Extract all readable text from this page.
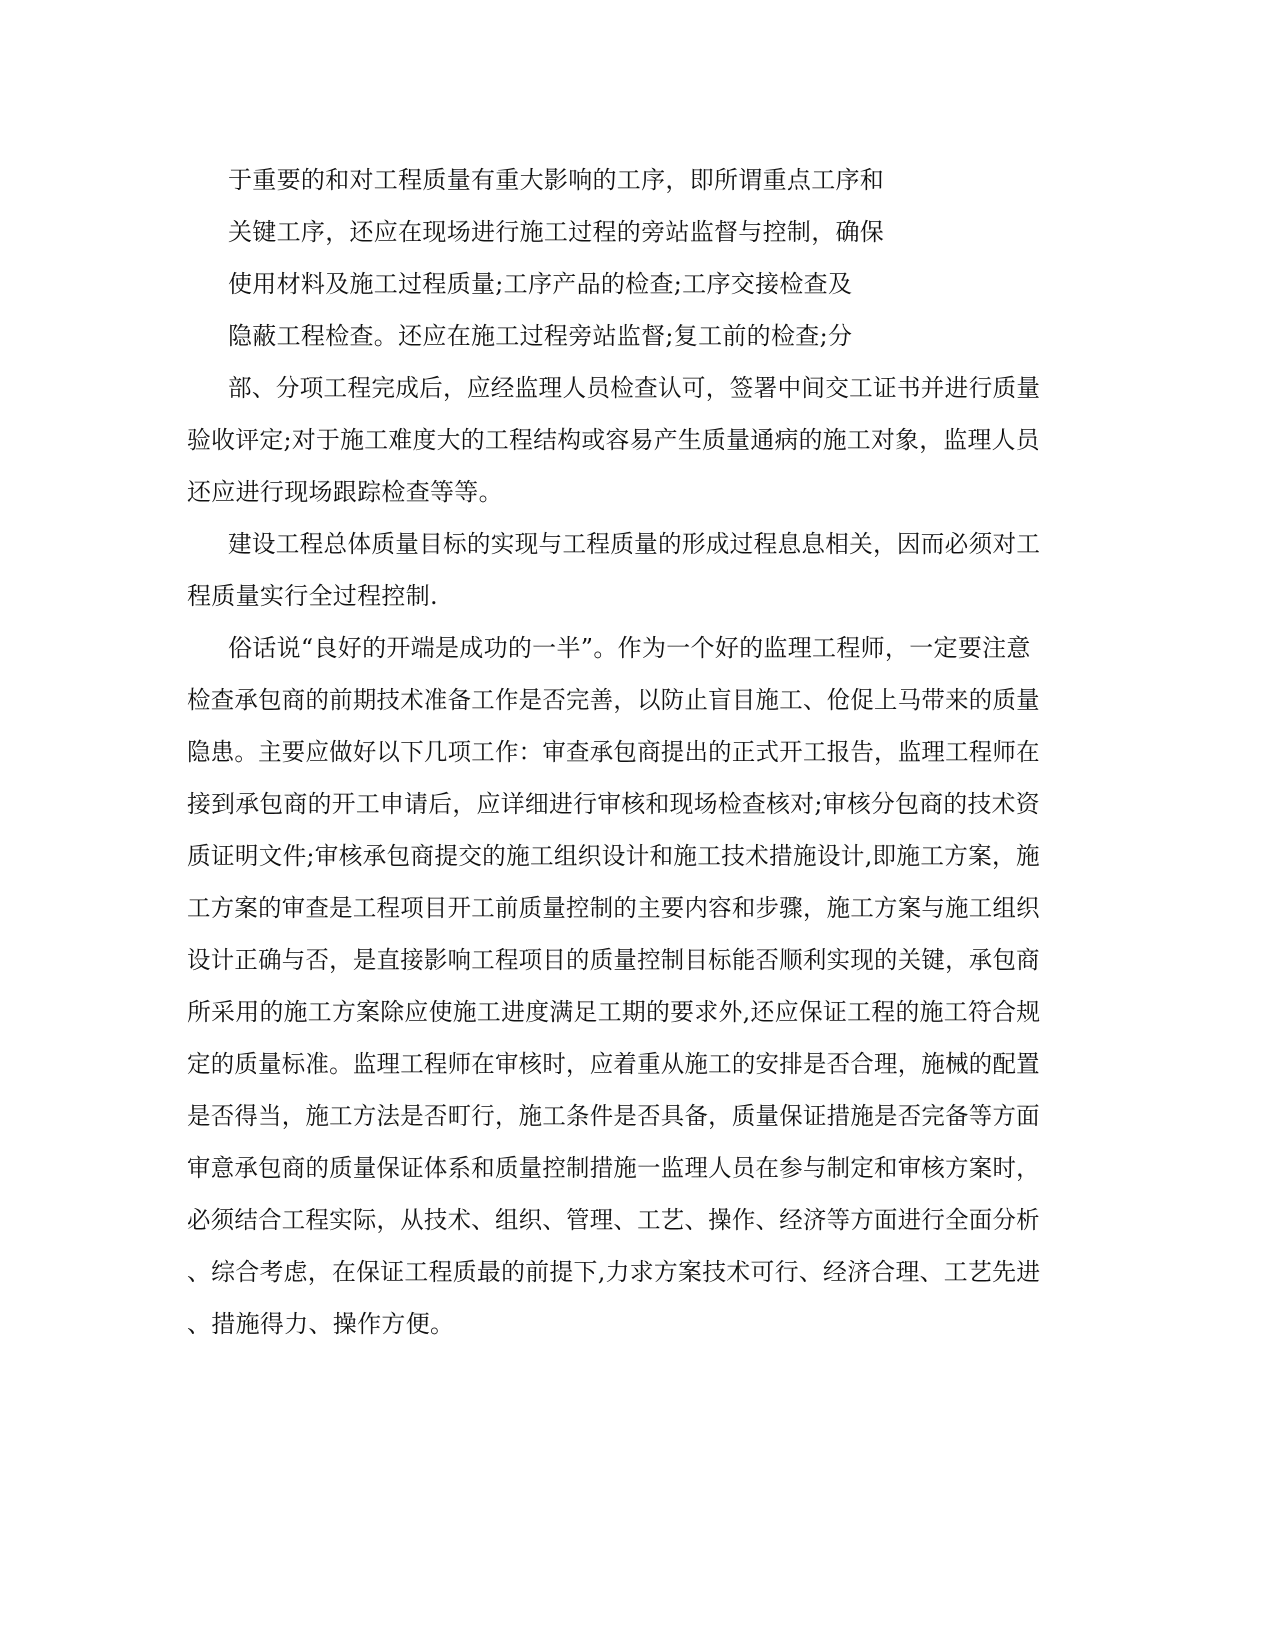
于重要的和对工程质量有重大影响的工序，即所谓重点工序和
关键工序，还应在现场进行施工过程的旁站监督与控制，确保
使用材料及施工过程质量;工序产品的检查;工序交接检查及
隐蔽工程检查。还应在施工过程旁站监督;复工前的检查;分
部、分项工程完成后，应经监理人员检查认可，签署中间交工证书并进行质量
验收评定;对于施工难度大的工程结构或容易产生质量通病的施工对象，监理人员
还应进行现场跟踪检查等等。
建设工程总体质量目标的实现与工程质量的形成过程息息相关，因而必须对工
程质量实行全过程控制.
俗话说“良好的开端是成功的一半”。作为一个好的监理工程师，一定要注意
检查承包商的前期技术准备工作是否完善，以防止盲目施工、伧促上马带来的质量
隐患。主要应做好以下几项工作：审查承包商提出的正式开工报告，监理工程师在
接到承包商的开工申请后，应详细进行审核和现场检查核对;审核分包商的技术资
质证明文件;审核承包商提交的施工组织设计和施工技术措施设计,即施工方案，施
工方案的审查是工程项目开工前质量控制的主要内容和步骤，施工方案与施工组织
设计正确与否，是直接影响工程项目的质量控制目标能否顺利实现的关键，承包商
所采用的施工方案除应使施工进度满足工期的要求外,还应保证工程的施工符合规
定的质量标准。监理工程师在审核时，应着重从施工的安排是否合理，施械的配置
是否得当，施工方法是否町行，施工条件是否具备，质量保证措施是否完备等方面
审意承包商的质量保证体系和质量控制措施一监理人员在参与制定和审核方案时，
必须结合工程实际，从技术、组织、管理、工艺、操作、经济等方面进行全面分析
、综合考虑，在保证工程质最的前提下,力求方案技术可行、经济合理、工艺先进
、措施得力、操作方便。
